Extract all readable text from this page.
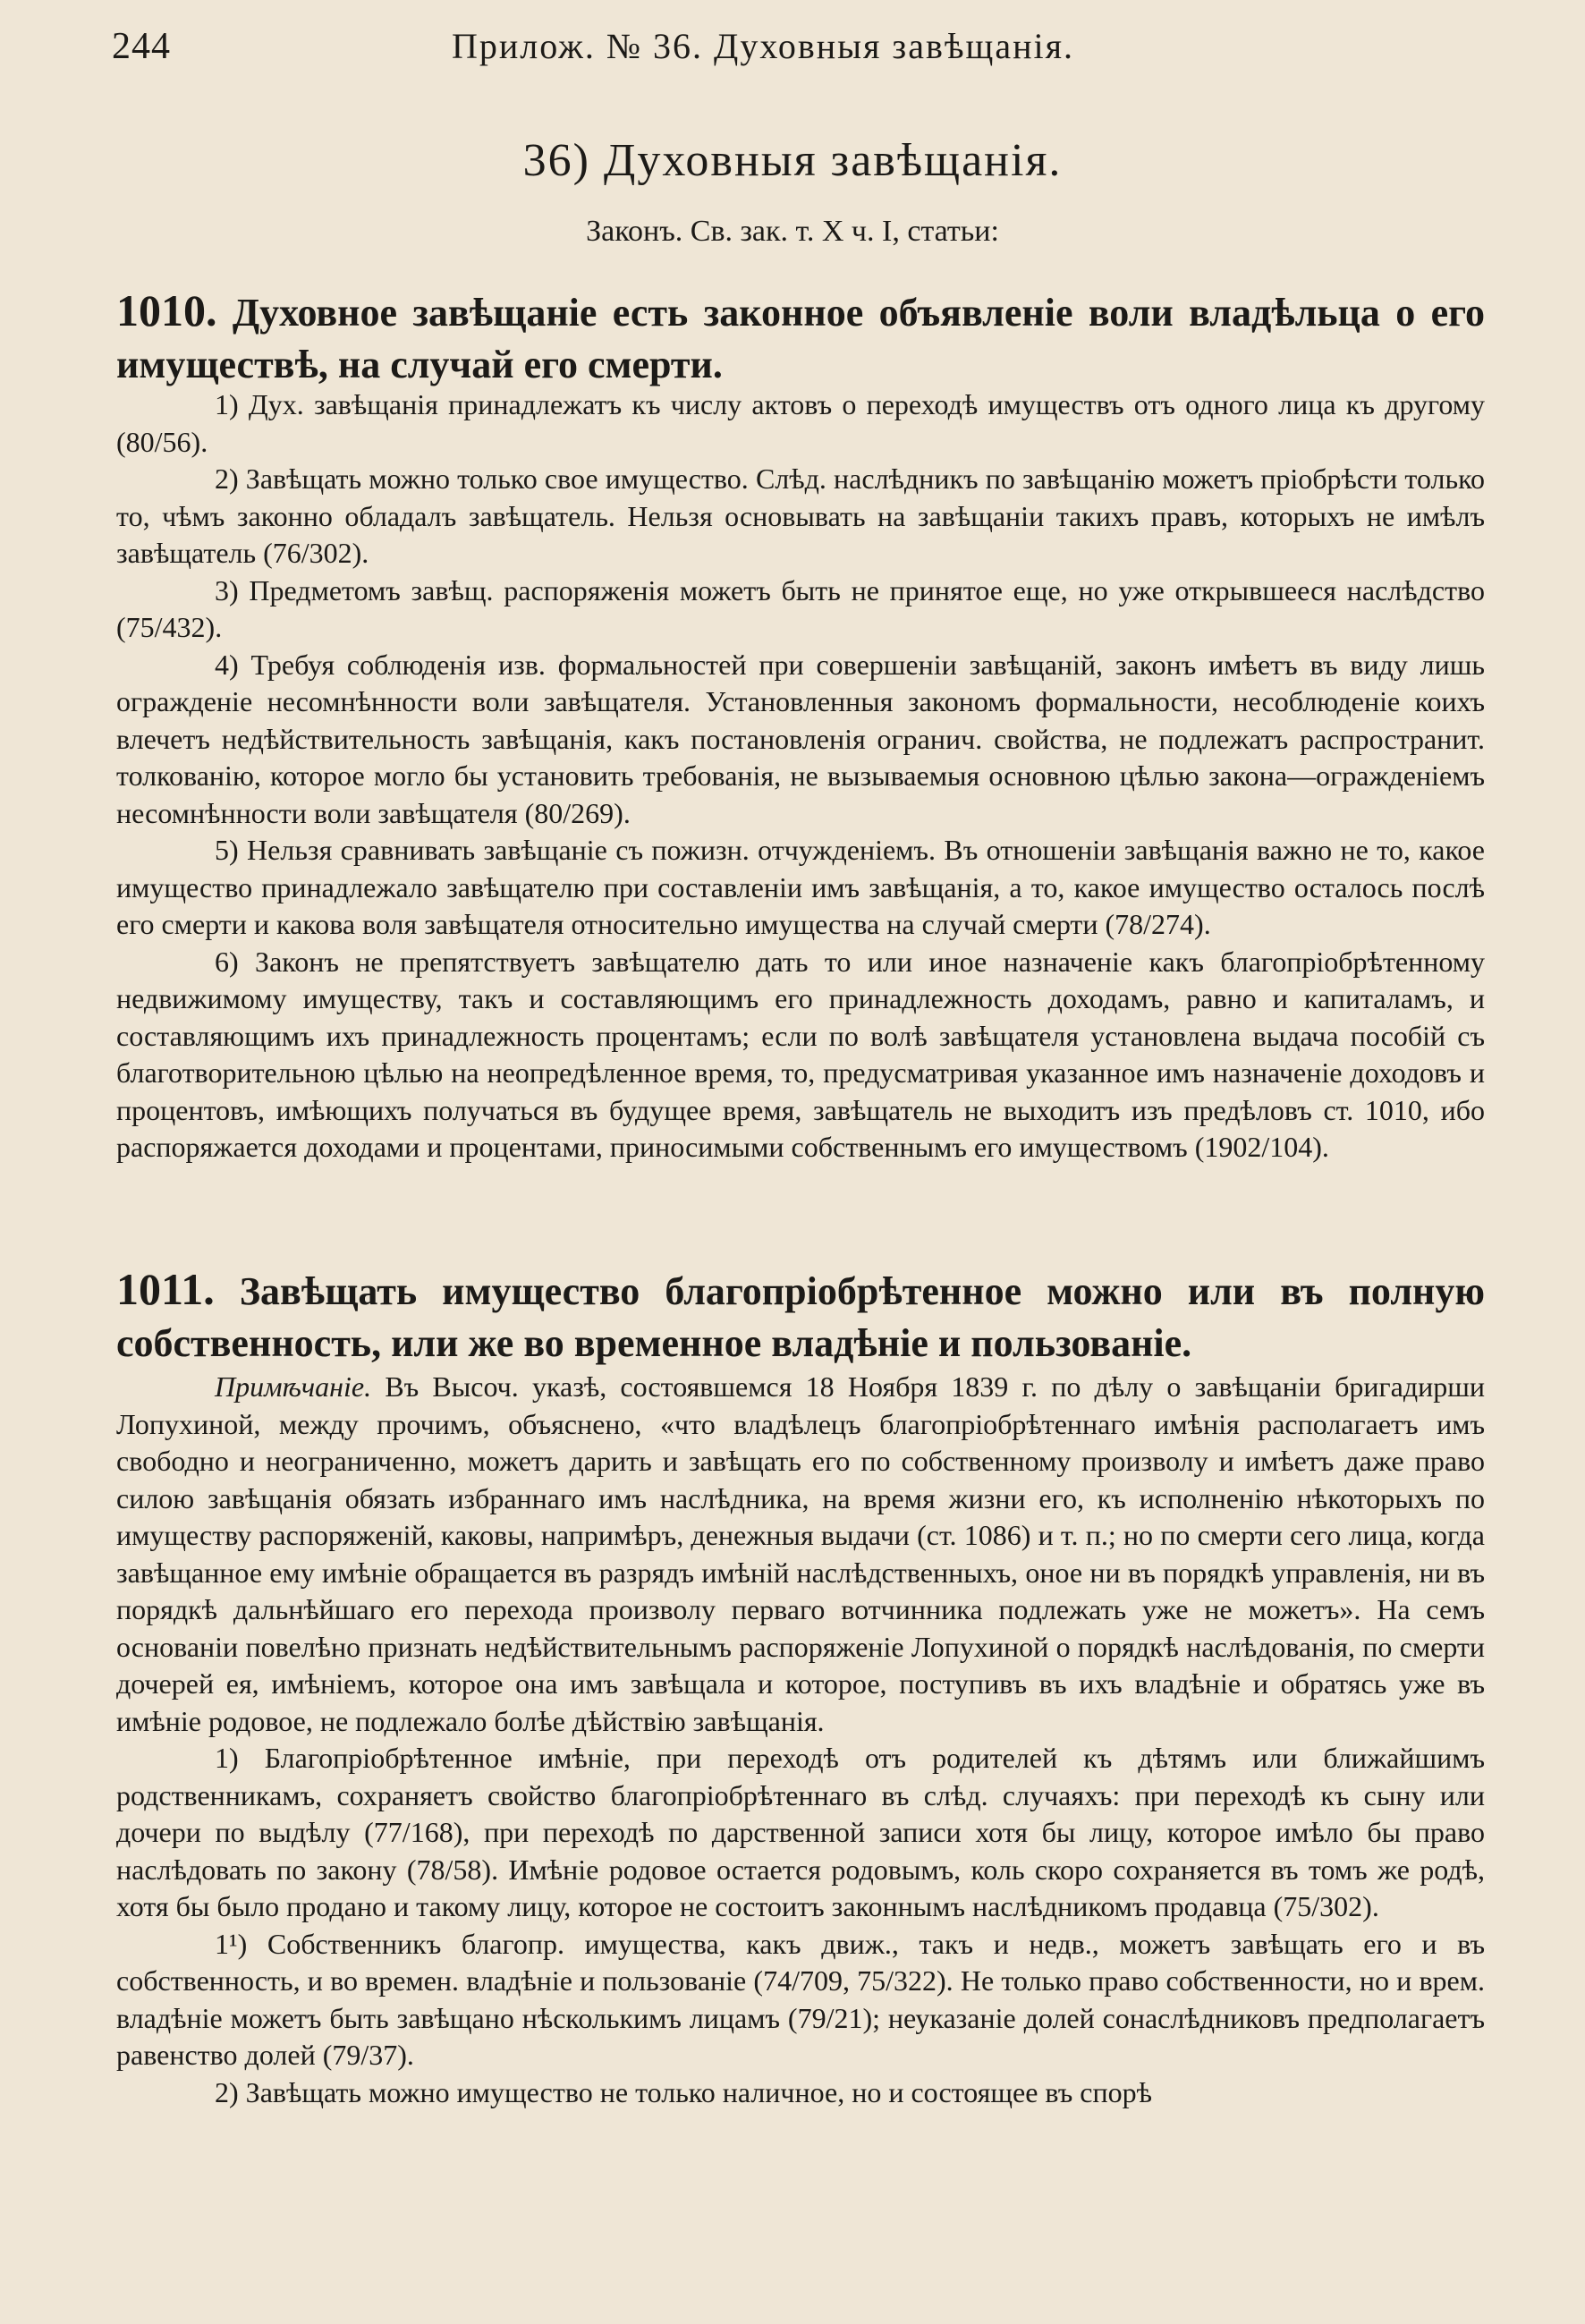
244	Прилож. № 36. Духовныя завѣщанія.
36) Духовныя завѣщанія.
Законъ. Св. зак. т. X ч. I, статьи:
1010. Духовное завѣщаніе есть законное объявленіе воли владѣльца о его имуществѣ, на случай его смерти.

1) Дух. завѣщанія принадлежатъ къ числу актовъ о переходѣ имуществъ отъ одного лица къ другому (80/56).

2) Завѣщать можно только свое имущество. Слѣд. наслѣдникъ по завѣщанію можетъ пріобрѣсти только то, чѣмъ законно обладалъ завѣщатель. Нельзя основывать на завѣщаніи такихъ правъ, которыхъ не имѣлъ завѣщатель (76/302).

3) Предметомъ завѣщ. распоряженія можетъ быть не принятое еще, но уже открывшееся наслѣдство (75/432).

4) Требуя соблюденія изв. формальностей при совершеніи завѣщаній, законъ имѣетъ въ виду лишь огражденіе несомнѣнности воли завѣщателя. Установленныя закономъ формальности, несоблюденіе коихъ влечетъ недѣйствительность завѣщанія, какъ постановленія огранич. свойства, не подлежатъ распространит. толкованію, которое могло бы установить требованія, не вызываемыя основною цѣлью закона—огражденіемъ несомнѣнности воли завѣщателя (80/269).

5) Нельзя сравнивать завѣщаніе съ пожизн. отчужденіемъ. Въ отношеніи завѣщанія важно не то, какое имущество принадлежало завѣщателю при составленіи имъ завѣщанія, а то, какое имущество осталось послѣ его смерти и какова воля завѣщателя относительно имущества на случай смерти (78/274).

6) Законъ не препятствуетъ завѣщателю дать то или иное назначеніе какъ благопріобрѣтенному недвижимому имуществу, такъ и составляющимъ его принадлежность доходамъ, равно и капиталамъ, и составляющимъ ихъ принадлежность процентамъ; если по волѣ завѣщателя установлена выдача пособій съ благотворительною цѣлью на неопредѣленное время, то, предусматривая указанное имъ назначеніе доходовъ и процентовъ, имѣющихъ получаться въ будущее время, завѣщатель не выходитъ изъ предѣловъ ст. 1010, ибо распоряжается доходами и процентами, приносимыми собственнымъ его имуществомъ (1902/104).

1011. Завѣщать имущество благопріобрѣтенное можно или въ полную собственность, или же во временное владѣніе и пользованіе.

Примѣчаніе. Въ Высоч. указѣ, состоявшемся 18 Ноября 1839 г. по дѣлу о завѣщаніи бригадирши Лопухиной, между прочимъ, объяснено, «что владѣлецъ благопріобрѣтеннаго имѣнія располагаетъ имъ свободно и неограниченно, можетъ дарить и завѣщать его по собственному произволу и имѣетъ даже право силою завѣщанія обязать избраннаго имъ наслѣдника, на время жизни его, къ исполненію нѣкоторыхъ по имуществу распоряженій, каковы, напримѣръ, денежныя выдачи (ст. 1086) и т. п.; но по смерти сего лица, когда завѣщанное ему имѣніе обращается въ разрядъ имѣній наслѣдственныхъ, оное ни въ порядкѣ управленія, ни въ порядкѣ дальнѣйшаго его перехода произволу перваго вотчинника подлежать уже не можетъ». На семъ основаніи повелѣно признать недѣйствительнымъ распоряженіе Лопухиной о порядкѣ наслѣдованія, по смерти дочерей ея, имѣніемъ, которое она имъ завѣщала и которое, поступивъ въ ихъ владѣніе и обратясь уже въ имѣніе родовое, не подлежало болѣе дѣйствію завѣщанія.

1) Благопріобрѣтенное имѣніе, при переходѣ отъ родителей къ дѣтямъ или ближайшимъ родственникамъ, сохраняетъ свойство благопріобрѣтеннаго въ слѣд. случаяхъ: при переходѣ къ сыну или дочери по выдѣлу (77/168), при переходѣ по дарственной записи хотя бы лицу, которое имѣло бы право наслѣдовать по закону (78/58). Имѣніе родовое остается родовымъ, коль скоро сохраняется въ томъ же родѣ, хотя бы было продано и такому лицу, которое не состоитъ законнымъ наслѣдникомъ продавца (75/302).

1¹) Собственникъ благопр. имущества, какъ движ., такъ и недв., можетъ завѣщать его и въ собственность, и во времен. владѣніе и пользованіе (74/709, 75/322). Не только право собственности, но и врем. владѣніе можетъ быть завѣщано нѣсколькимъ лицамъ (79/21); неуказаніе долей сонаслѣдниковъ предполагаетъ равенство долей (79/37).

2) Завѣщать можно имущество не только наличное, но и состоящее въ спорѣ
